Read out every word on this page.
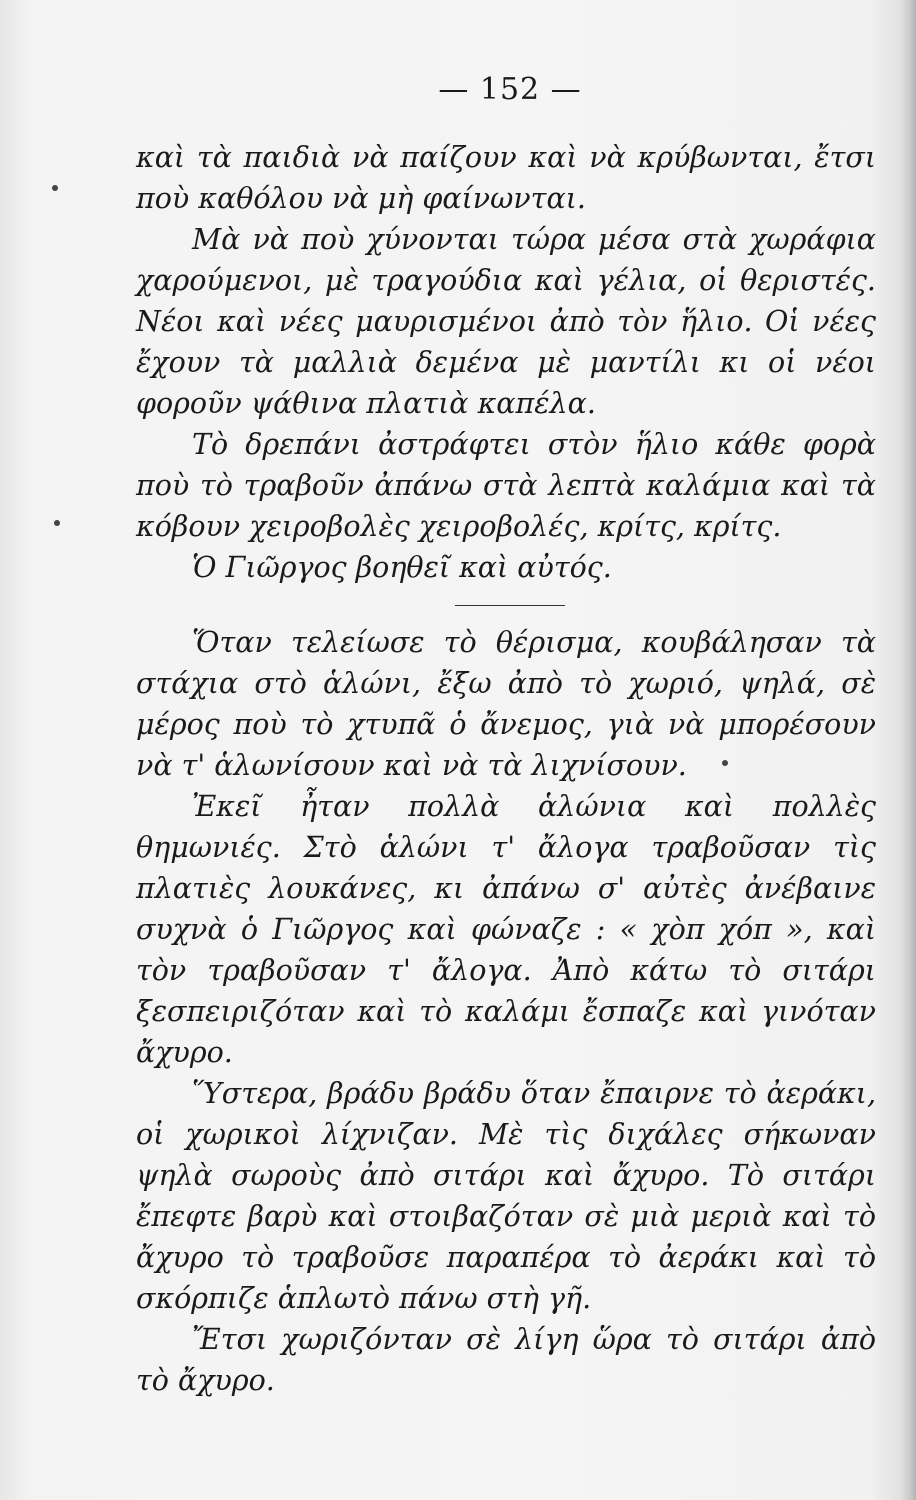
— 152 —

καὶ τὰ παιδιὰ νὰ παίζουν καὶ νὰ κρύβωνται, ἔτσι ποὺ καθόλου νὰ μὴ φαίνωνται.

Μὰ νὰ ποὺ χύνονται τώρα μέσα στὰ χωράφια χαρούμενοι, μὲ τραγούδια καὶ γέλια, οἱ θεριστές. Νέοι καὶ νέες μαυρισμένοι ἀπὸ τὸν ἥλιο. Οἱ νέες ἔχουν τὰ μαλλιὰ δεμένα μὲ μαντίλι κι οἱ νέοι φοροῦν ψάθινα πλατιὰ καπέλα.

Τὸ δρεπάνι ἀστράφτει στὸν ἥλιο κάθε φορὰ ποὺ τὸ τραβοῦν ἀπάνω στὰ λεπτὰ καλάμια καὶ τὰ κόβουν χειροβολὲς χειροβολές, κρίτς, κρίτς.

Ὁ Γιῶργος βοηθεῖ καὶ αὐτός.

Ὅταν τελείωσε τὸ θέρισμα, κουβάλησαν τὰ στάχια στὸ ἁλώνι, ἔξω ἀπὸ τὸ χωριό, ψηλά, σὲ μέρος ποὺ τὸ χτυπᾶ ὁ ἄνεμος, γιὰ νὰ μπορέσουν νὰ τ' ἁλωνίσουν καὶ νὰ τὰ λιχνίσουν.

Ἐκεῖ ἦταν πολλὰ ἁλώνια καὶ πολλὲς θημωνιές. Στὸ ἁλώνι τ' ἄλογα τραβοῦσαν τὶς πλατιὲς λουκάνες, κι ἀπάνω σ' αὐτὲς ἀνέβαινε συχνὰ ὁ Γιῶργος καὶ φώναζε : « χὸπ χόπ », καὶ τὸν τραβοῦσαν τ' ἄλογα. Ἀπὸ κάτω τὸ σιτάρι ξεσπειριζόταν καὶ τὸ καλάμι ἔσπαζε καὶ γινόταν ἄχυρο.

Ὕστερα, βράδυ βράδυ ὅταν ἔπαιρνε τὸ ἀεράκι, οἱ χωρικοὶ λίχνιζαν. Μὲ τὶς διχάλες σήκωναν ψηλὰ σωροὺς ἀπὸ σιτάρι καὶ ἄχυρο. Τὸ σιτάρι ἔπεφτε βαρὺ καὶ στοιβαζόταν σὲ μιὰ μεριὰ καὶ τὸ ἄχυρο τὸ τραβοῦσε παραπέρα τὸ ἀεράκι καὶ τὸ σκόρπιζε ἁπλωτὸ πάνω στὴ γῆ.

Ἔτσι χωριζόνταν σὲ λίγη ὥρα τὸ σιτάρι ἀπὸ τὸ ἄχυρο.
